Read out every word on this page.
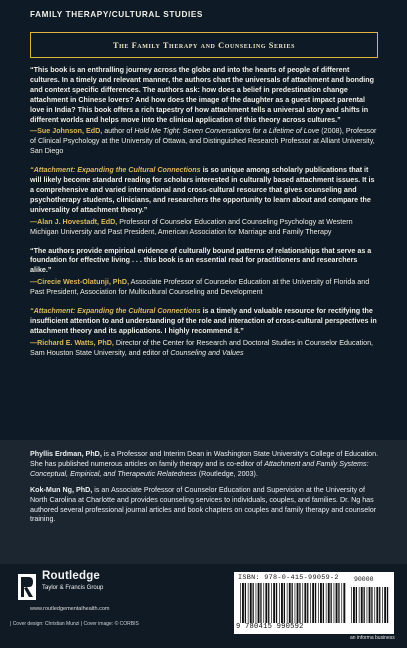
FAMILY THERAPY/CULTURAL STUDIES
The Family Therapy and Counseling Series

“This book is an enthralling journey across the globe and into the hearts of people of different cultures. In a timely and relevant manner, the authors chart the universals of attachment and bonding and context specific differences. The authors ask: how does a belief in predestination change attachment in Chinese lovers? And how does the image of the daughter as a guest impact parental love in India? This book offers a rich tapestry of how attachment tells a universal story and shifts in different worlds and helps move into the clinical application of this theory across cultures.”

—Sue Johnson, EdD, author of Hold Me Tight: Seven Conversations for a Lifetime of Love (2008), Professor of Clinical Psychology at the University of Ottawa, and Distinguished Research Professor at Alliant University, San Diego

“Attachment: Expanding the Cultural Connections is so unique among scholarly publications that it will likely become standard reading for scholars interested in culturally based attachment issues. It is a comprehensive and varied international and cross-cultural resource that gives counseling and psychotherapy students, clinicians, and researchers the opportunity to learn about and compare the universality of attachment theory.”

—Alan J. Hovestadt, EdD, Professor of Counselor Education and Counseling Psychology at Western Michigan University and Past President, American Association for Marriage and Family Therapy

“The authors provide empirical evidence of culturally bound patterns of relationships that serve as a foundation for effective living . . . this book is an essential read for practitioners and researchers alike.”

—Cirecie West-Olatunji, PhD, Associate Professor of Counselor Education at the University of Florida and Past President, Association for Multicultural Counseling and Development

“Attachment: Expanding the Cultural Connections is a timely and valuable resource for rectifying the insufficient attention to and understanding of the role and interaction of cross-cultural perspectives in attachment theory and its applications. I highly recommend it.”

—Richard E. Watts, PhD, Director of the Center for Research and Doctoral Studies in Counselor Education, Sam Houston State University, and editor of Counseling and Values

Phyllis Erdman, PhD, is a Professor and Interim Dean in Washington State University’s College of Education. She has published numerous articles on family therapy and is co-editor of Attachment and Family Systems: Conceptual, Empirical, and Therapeutic Relatedness (Routledge, 2003).

Kok-Mun Ng, PhD, is an Associate Professor of Counselor Education and Supervision at the University of North Carolina at Charlotte and provides counseling services to individuals, couples, and families. Dr. Ng has authored several professional journal articles and book chapters on couples and family therapy and counselor training.

Routledge
Taylor & Francis Group
www.routledgementalhealth.com
| Cover design: Christian Munzi | Cover image: © CORBIS
ISBN: 978-0-415-99059-2
9 780415 990592
90000
an informa business
